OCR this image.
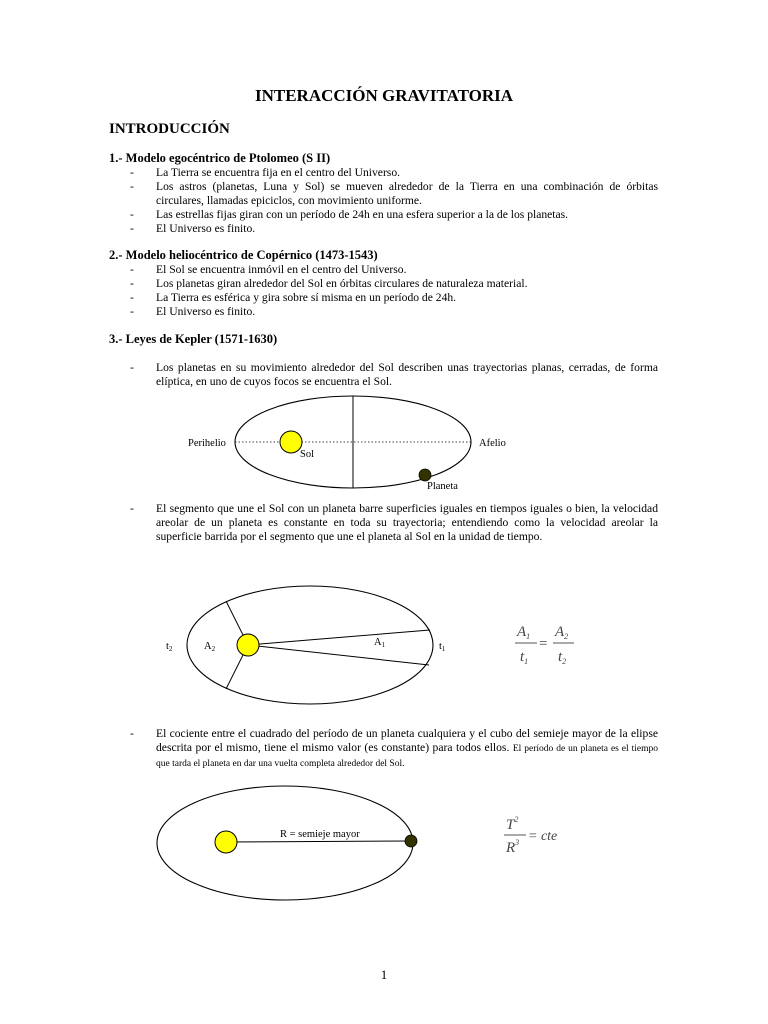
INTERACCIÓN GRAVITATORIA
INTRODUCCIÓN
1.- Modelo egocéntrico de Ptolomeo (S II)

- La Tierra se encuentra fija en el centro del Universo.

- Los astros (planetas, Luna y Sol) se mueven alrededor de la Tierra en una combinación de órbitas circulares, llamadas epiciclos, con movimiento uniforme.

- Las estrellas fijas giran con un período de 24h en una esfera superior a la de los planetas.

- El Universo es finito.

2.- Modelo heliocéntrico de Copérnico (1473-1543)

- El Sol se encuentra inmóvil en el centro del Universo.

- Los planetas giran alrededor del Sol en órbitas circulares de naturaleza material.

- La Tierra es esférica y gira sobre sí misma en un período de 24h.

- El Universo es finito.

3.- Leyes de Kepler (1571-1630)

- Los planetas en su movimiento alrededor del Sol describen unas trayectorias planas, cerradas, de forma elíptica, en uno de cuyos focos se encuentra el Sol.

Perihelio	Afelio
Sol
Planeta

- El segmento que une el Sol con un planeta barre superficies iguales en tiempos iguales o bien, la velocidad areolar de un planeta es constante en toda su trayectoria; entendiendo como la velocidad areolar la superficie barrida por el segmento que une el planeta al Sol en la unidad de tiempo.

t2	A2
A1	t1
$A_1$
$t_1$
=
$A_2$
$t_2$

- El cociente entre el cuadrado del período de un planeta cualquiera y el cubo del semieje mayor de la elipse descrita por el mismo, tiene el mismo valor (es constante) para todos ellos. El período de un planeta es el tiempo que tarda el planeta en dar una vuelta completa alrededor del Sol.

R = semieje mayor
$T^2$
$R^3$ = cte
1
